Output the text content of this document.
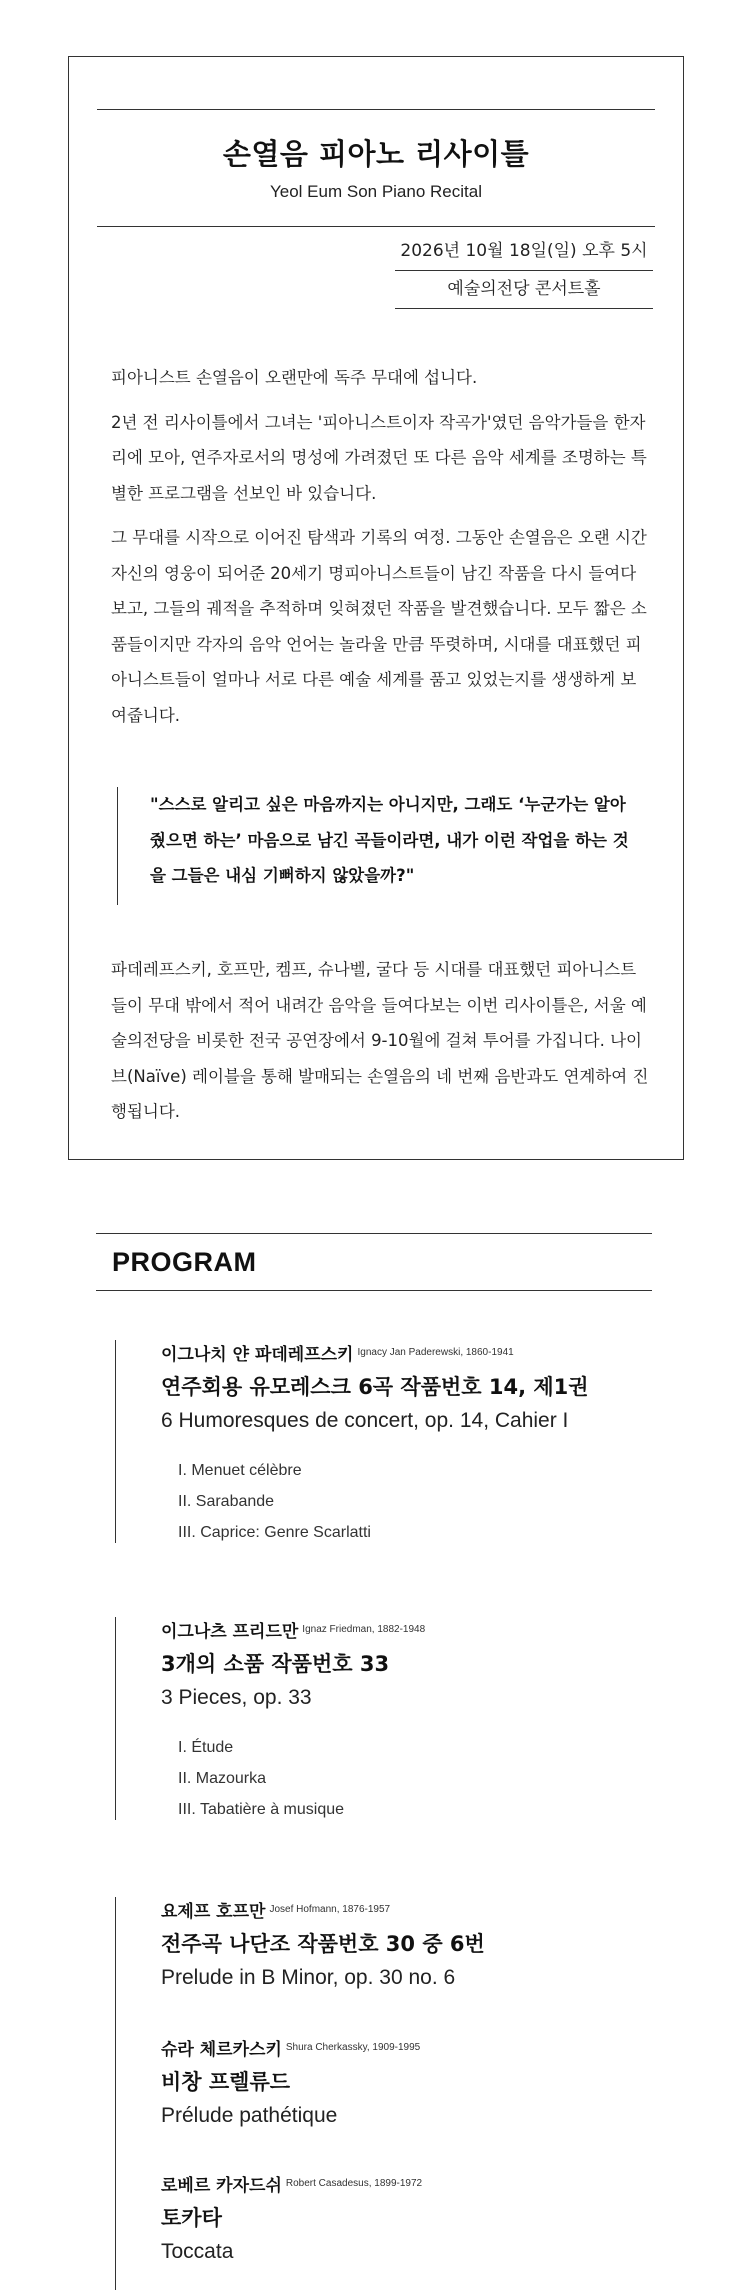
손열음 피아노 리사이틀
Yeol Eum Son Piano Recital
2026년 10월 18일(일) 오후 5시
예술의전당 콘서트홀

피아니스트 손열음이 오랜만에 독주 무대에 섭니다.

2년 전 리사이틀에서 그녀는 '피아니스트이자 작곡가'였던 음악가들을 한자리에 모아, 연주자로서의 명성에 가려졌던 또 다른 음악 세계를 조명하는 특별한 프로그램을 선보인 바 있습니다.

그 무대를 시작으로 이어진 탐색과 기록의 여정. 그동안 손열음은 오랜 시간 자신의 영웅이 되어준 20세기 명피아니스트들이 남긴 작품을 다시 들여다보고, 그들의 궤적을 추적하며 잊혀졌던 작품을 발견했습니다. 모두 짧은 소품들이지만 각자의 음악 언어는 놀라울 만큼 뚜렷하며, 시대를 대표했던 피아니스트들이 얼마나 서로 다른 예술 세계를 품고 있었는지를 생생하게 보여줍니다.

"스스로 알리고 싶은 마음까지는 아니지만, 그래도 ‘누군가는 알아줬으면 하는’ 마음으로 남긴 곡들이라면, 내가 이런 작업을 하는 것을 그들은 내심 기뻐하지 않았을까?"

파데레프스키, 호프만, 켐프, 슈나벨, 굴다 등 시대를 대표했던 피아니스트들이 무대 밖에서 적어 내려간 음악을 들여다보는 이번 리사이틀은, 서울 예술의전당을 비롯한 전국 공연장에서 9-10월에 걸쳐 투어를 가집니다. 나이브(Naïve) 레이블을 통해 발매되는 손열음의 네 번째 음반과도 연계하여 진행됩니다.

PROGRAM
이그나치 얀 파데레프스키 $^{Ignacy Jan Paderewski, 1860-1941}$
연주회용 유모레스크 6곡 작품번호 14, 제1권
6 Humoresques de concert, op. 14, Cahier I
I. Menuet célèbre
II. Sarabande
III. Caprice: Genre Scarlatti
이그나츠 프리드만 $^{Ignaz Friedman, 1882-1948}$
3개의 소품 작품번호 33
3 Pieces, op. 33
I. Étude
II. Mazourka
III. Tabatière à musique
요제프 호프만 $^{Josef Hofmann, 1876-1957}$
전주곡 나단조 작품번호 30 중 6번
Prelude in B Minor, op. 30 no. 6
슈라 체르카스키 $^{Shura Cherkassky, 1909-1995}$
비창 프렐류드
Prélude pathétique
로베르 카자드쉬 $^{Robert Casadesus, 1899-1972}$
토카타
Toccata
